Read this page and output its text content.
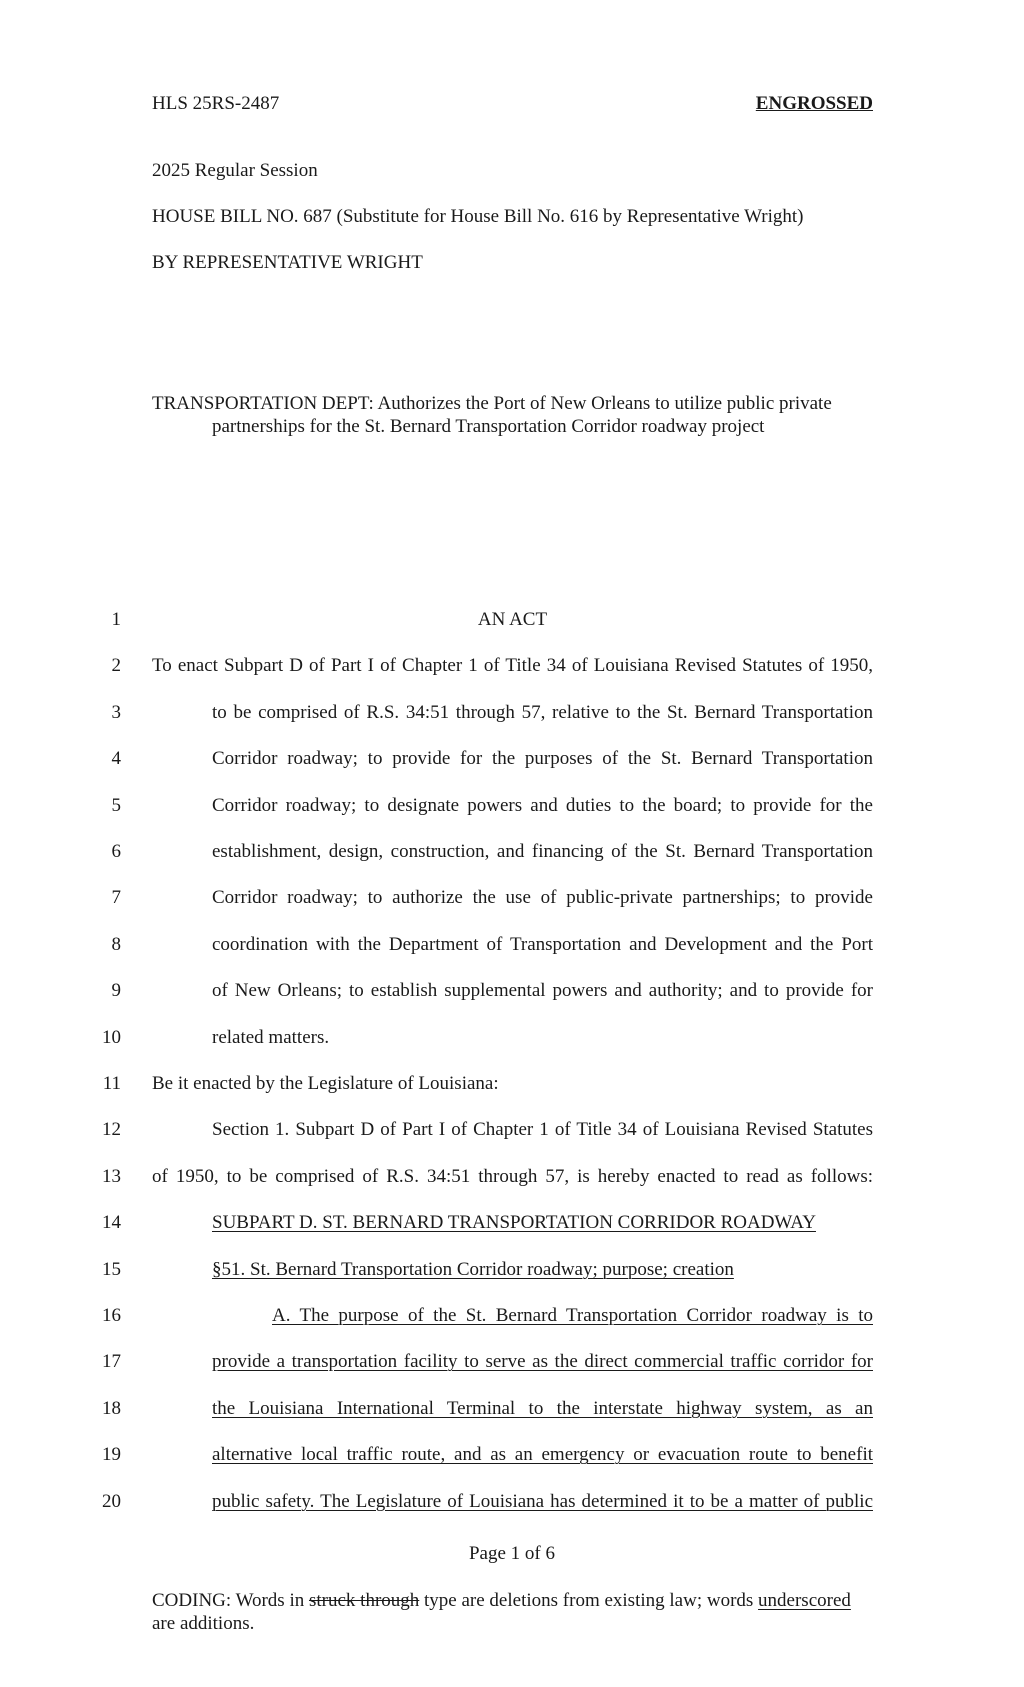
HLS 25RS-2487	ENGROSSED
2025 Regular Session
HOUSE BILL NO. 687 (Substitute for House Bill No. 616 by Representative Wright)
BY REPRESENTATIVE WRIGHT
TRANSPORTATION DEPT: Authorizes the Port of New Orleans to utilize public private
partnerships for the St. Bernard Transportation Corridor roadway project
1	AN ACT
2 To enact Subpart D of Part I of Chapter 1 of Title 34 of Louisiana Revised Statutes of 1950,
3	to be comprised of R.S. 34:51 through 57, relative to the St. Bernard Transportation
4	Corridor roadway; to provide for the purposes of the St. Bernard Transportation
5	Corridor roadway; to designate powers and duties to the board; to provide for the
6	establishment, design, construction, and financing of the St. Bernard Transportation
7	Corridor roadway; to authorize the use of public-private partnerships; to provide
8	coordination with the Department of Transportation and Development and the Port
9	of New Orleans; to establish supplemental powers and authority; and to provide for
10	related matters.
11 Be it enacted by the Legislature of Louisiana:
12	Section 1. Subpart D of Part I of Chapter 1 of Title 34 of Louisiana Revised Statutes
13 of 1950, to be comprised of R.S. 34:51 through 57, is hereby enacted to read as follows:
14	SUBPART D. ST. BERNARD TRANSPORTATION CORRIDOR ROADWAY
15	§51. St. Bernard Transportation Corridor roadway; purpose; creation
16	A. The purpose of the St. Bernard Transportation Corridor roadway is to
17	provide a transportation facility to serve as the direct commercial traffic corridor for
18	the Louisiana International Terminal to the interstate highway system, as an
19	alternative local traffic route, and as an emergency or evacuation route to benefit
20	public safety. The Legislature of Louisiana has determined it to be a matter of public
Page 1 of 6
CODING: Words in struck through type are deletions from existing law; words underscored are additions.
